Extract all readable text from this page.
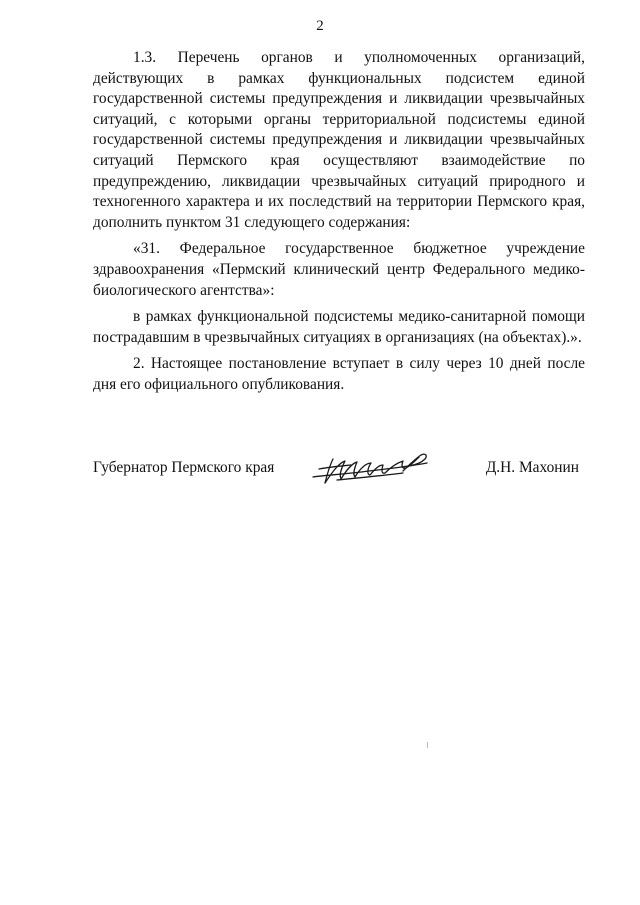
2

1.3. Перечень органов и уполномоченных организаций, действующих в рамках функциональных подсистем единой государственной системы предупреждения и ликвидации чрезвычайных ситуаций, с которыми органы территориальной подсистемы единой государственной системы предупреждения и ликвидации чрезвычайных ситуаций Пермского края осуществляют взаимодействие по предупреждению, ликвидации чрезвычайных ситуаций природного и техногенного характера и их последствий на территории Пермского края, дополнить пунктом 31 следующего содержания:

«31. Федеральное государственное бюджетное учреждение здравоохранения «Пермский клинический центр Федерального медико-биологического агентства»:

в рамках функциональной подсистемы медико-санитарной помощи пострадавшим в чрезвычайных ситуациях в организациях (на объектах).».

2. Настоящее постановление вступает в силу через 10 дней после дня его официального опубликования.

Губернатор Пермского края	Д.Н. Махонин
